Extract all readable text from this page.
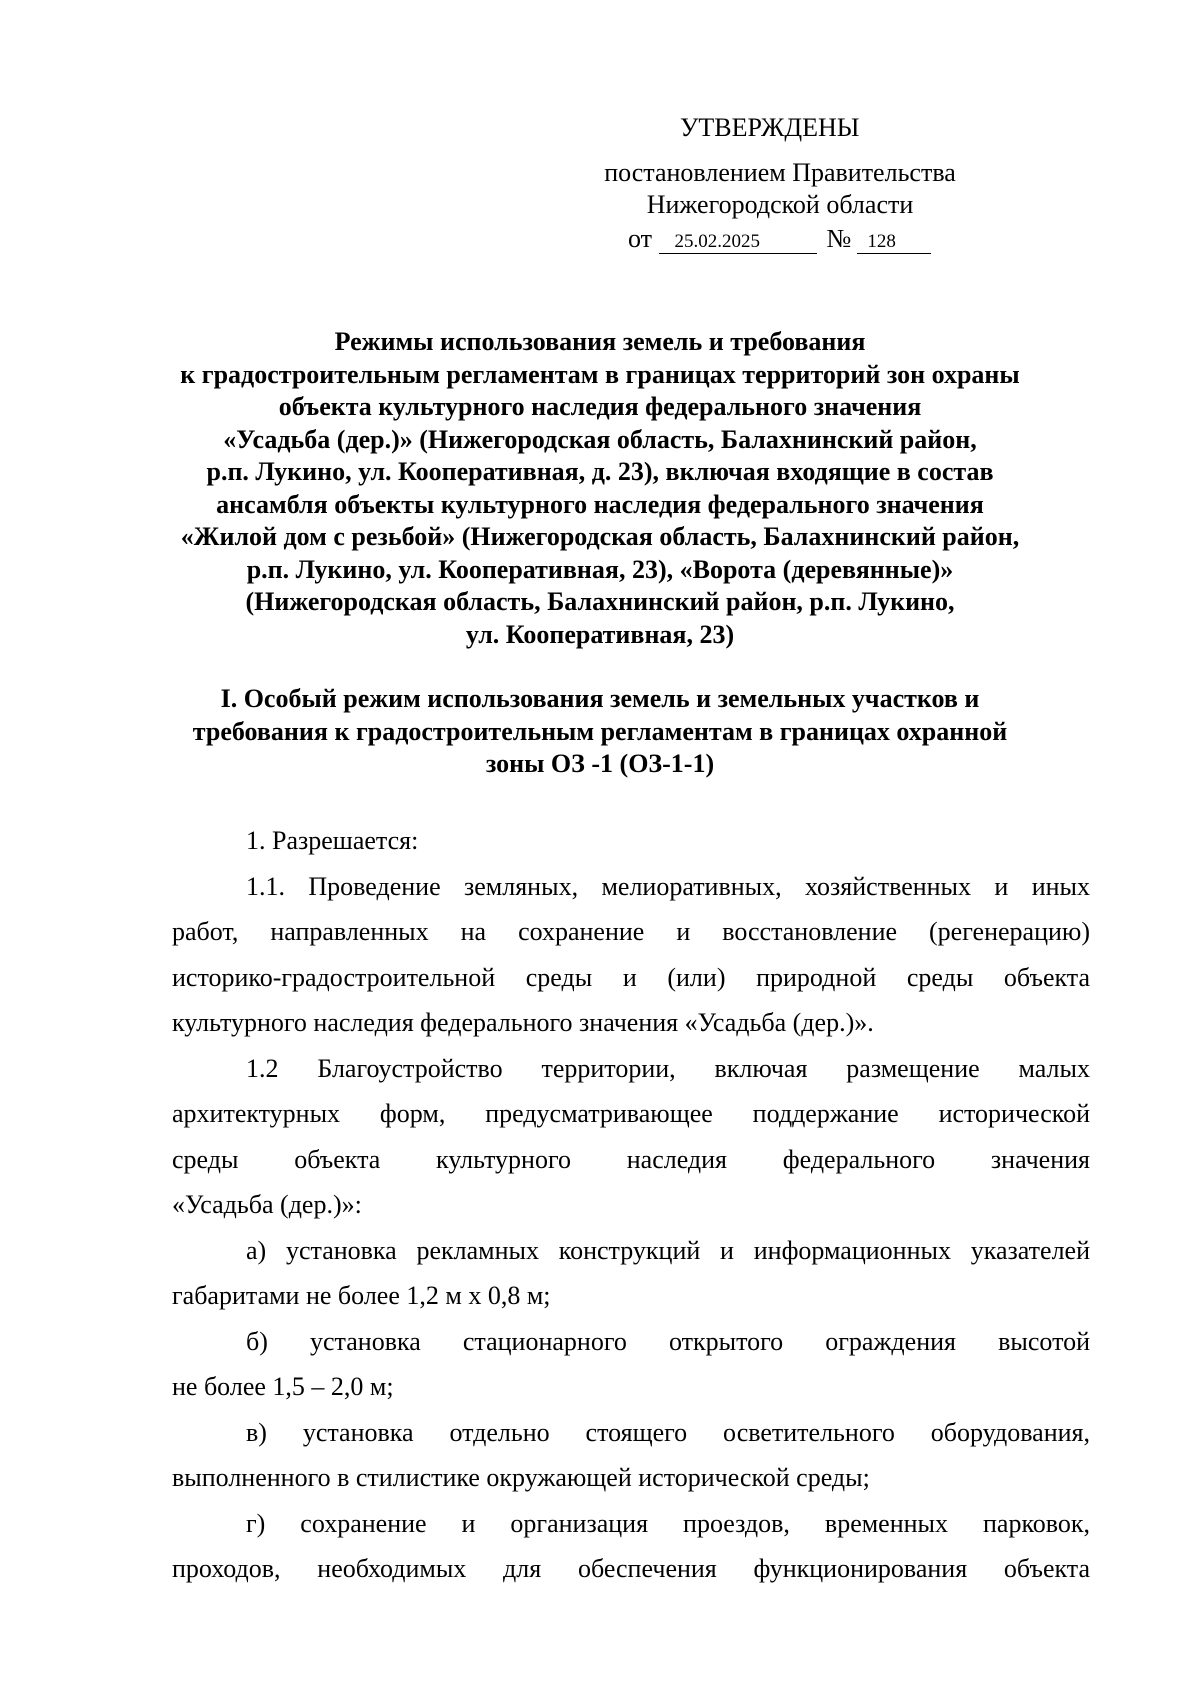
УТВЕРЖДЕНЫ
постановлением Правительства
Нижегородской области
от 25.02.2025	№ 128
Режимы использования земель и требования
к градостроительным регламентам в границах территорий зон охраны
объекта культурного наследия федерального значения
«Усадьба (дер.)» (Нижегородская область, Балахнинский район,
р.п. Лукино, ул. Кооперативная, д. 23), включая входящие в состав
ансамбля объекты культурного наследия федерального значения
«Жилой дом с резьбой» (Нижегородская область, Балахнинский район,
р.п. Лукино, ул. Кооперативная, 23), «Ворота (деревянные)»
(Нижегородская область, Балахнинский район, р.п. Лукино,
ул. Кооперативная, 23)
I. Особый режим использования земель и земельных участков и
требования к градостроительным регламентам в границах охранной
зоны ОЗ -1 (ОЗ-1-1)
1. Разрешается:
1.1. Проведение земляных, мелиоративных, хозяйственных и иных
работ, направленных на сохранение и восстановление (регенерацию)
историко-градостроительной среды и (или) природной среды объекта
культурного наследия федерального значения «Усадьба (дер.)».
1.2 Благоустройство территории, включая размещение малых
архитектурных форм, предусматривающее поддержание исторической
среды объекта культурного наследия федерального значения
«Усадьба (дер.)»:
а) установка рекламных конструкций и информационных указателей
габаритами не более 1,2 м х 0,8 м;
б) установка стационарного открытого ограждения высотой
не более 1,5 – 2,0 м;
в) установка отдельно стоящего осветительного оборудования,
выполненного в стилистике окружающей исторической среды;
г) сохранение и организация проездов, временных парковок,
проходов, необходимых для обеспечения функционирования объекта
